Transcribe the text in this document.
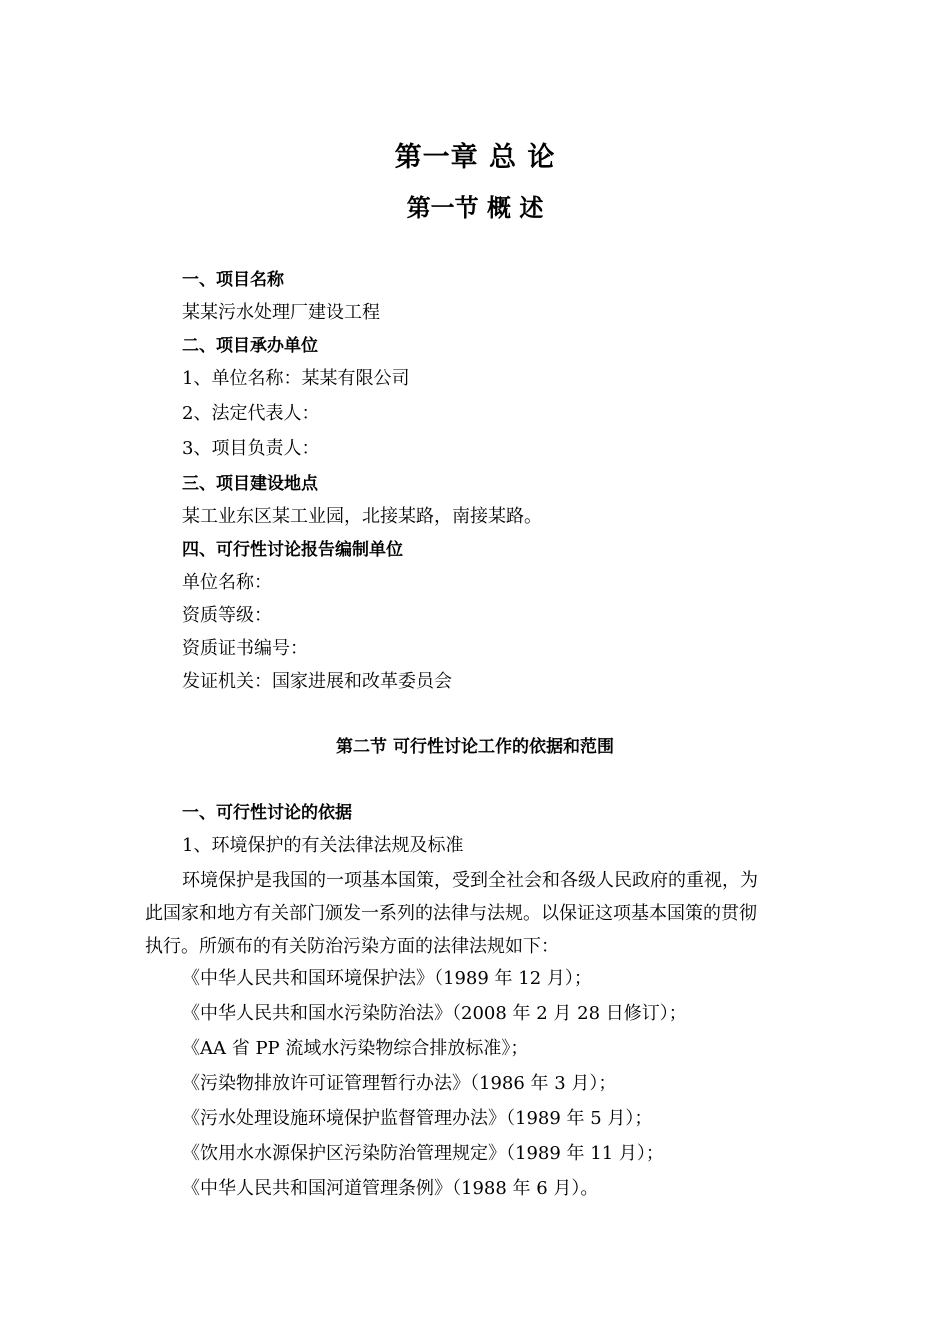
第一章 总 论
第一节 概 述
一、项目名称
某某污水处理厂建设工程
二、项目承办单位
1、单位名称：某某有限公司
2、法定代表人：
3、项目负责人：
三、项目建设地点
某工业东区某工业园，北接某路，南接某路。
四、可行性讨论报告编制单位
单位名称：
资质等级：
资质证书编号：
发证机关：国家进展和改革委员会
第二节 可行性讨论工作的依据和范围
一、可行性讨论的依据
1、环境保护的有关法律法规及标准
环境保护是我国的一项基本国策，受到全社会和各级人民政府的重视，为
此国家和地方有关部门颁发一系列的法律与法规。以保证这项基本国策的贯彻
执行。所颁布的有关防治污染方面的法律法规如下：
《中华人民共和国环境保护法》（1989 年 12 月）；
《中华人民共和国水污染防治法》（2008 年 2 月 28 日修订）；
《AA 省 PP 流域水污染物综合排放标准》；
《污染物排放许可证管理暂行办法》（1986 年 3 月）；
《污水处理设施环境保护监督管理办法》（1989 年 5 月）；
《饮用水水源保护区污染防治管理规定》（1989 年 11 月）；
《中华人民共和国河道管理条例》（1988 年 6 月）。
